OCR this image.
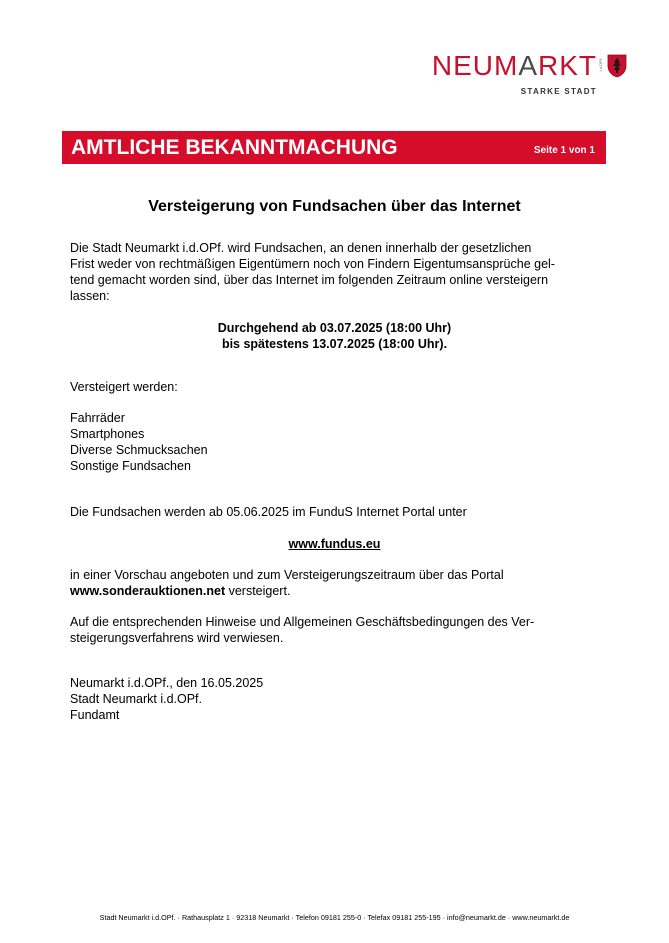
NEUMARKT i.d.OPf.
STARKE STADT
AMTLICHE BEKANNTMACHUNG	Seite 1 von 1
Versteigerung von Fundsachen über das Internet
Die Stadt Neumarkt i.d.OPf. wird Fundsachen, an denen innerhalb der gesetzlichen
Frist weder von rechtmäßigen Eigentümern noch von Findern Eigentumsansprüche gel-
tend gemacht worden sind, über das Internet im folgenden Zeitraum online versteigern
lassen:
Durchgehend ab 03.07.2025 (18:00 Uhr)
bis spätestens 13.07.2025 (18:00 Uhr).
Versteigert werden:
Fahrräder
Smartphones
Diverse Schmucksachen
Sonstige Fundsachen
Die Fundsachen werden ab 05.06.2025 im FunduS Internet Portal unter
www.fundus.eu
in einer Vorschau angeboten und zum Versteigerungszeitraum über das Portal
www.sonderauktionen.net versteigert.
Auf die entsprechenden Hinweise und Allgemeinen Geschäftsbedingungen des Ver-
steigerungsverfahrens wird verwiesen.
Neumarkt i.d.OPf., den 16.05.2025
Stadt Neumarkt i.d.OPf.
Fundamt
Stadt Neumarkt i.d.OPf. · Rathausplatz 1 · 92318 Neumarkt · Telefon 09181 255-0 · Telefax 09181 255-195 · info@neumarkt.de · www.neumarkt.de
